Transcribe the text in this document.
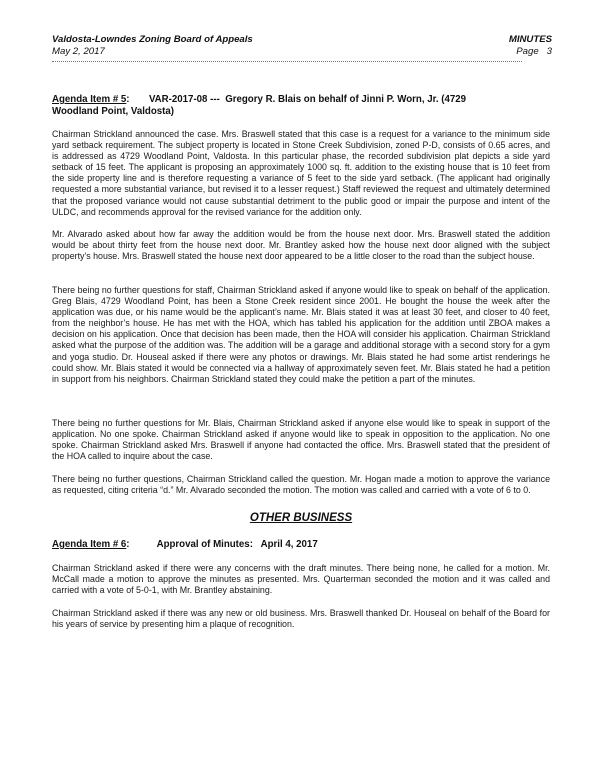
Valdosta-Lowndes Zoning Board of Appeals
May 2, 2017
MINUTES
Page   3
Agenda Item # 5: VAR-2017-08 ---  Gregory R. Blais on behalf of Jinni P. Worn, Jr. (4729
Woodland Point, Valdosta)

Chairman Strickland announced the case. Mrs. Braswell stated that this case is a request for a variance to the minimum side yard setback requirement. The subject property is located in Stone Creek Subdivision, zoned P-D, consists of 0.65 acres, and is addressed as 4729 Woodland Point, Valdosta. In this particular phase, the recorded subdivision plat depicts a side yard setback of 15 feet. The applicant is proposing an approximately 1000 sq. ft. addition to the existing house that is 10 feet from the side property line and is therefore requesting a variance of 5 feet to the side yard setback. (The applicant had originally requested a more substantial variance, but revised it to a lesser request.) Staff reviewed the request and ultimately determined that the proposed variance would not cause substantial detriment to the public good or impair the purpose and intent of the ULDC, and recommends approval for the revised variance for the addition only.

Mr. Alvarado asked about how far away the addition would be from the house next door. Mrs. Braswell stated the addition would be about thirty feet from the house next door. Mr. Brantley asked how the house next door aligned with the subject property’s house. Mrs. Braswell stated the house next door appeared to be a little closer to the road than the subject house.

There being no further questions for staff, Chairman Strickland asked if anyone would like to speak on behalf of the application. Greg Blais, 4729 Woodland Point, has been a Stone Creek resident since 2001. He bought the house the week after the application was due, or his name would be the applicant’s name. Mr. Blais stated it was at least 30 feet, and closer to 40 feet, from the neighbor’s house. He has met with the HOA, which has tabled his application for the addition until ZBOA makes a decision on his application. Once that decision has been made, then the HOA will consider his application. Chairman Strickland asked what the purpose of the addition was. The addition will be a garage and additional storage with a second story for a gym and yoga studio. Dr. Houseal asked if there were any photos or drawings. Mr. Blais stated he had some artist renderings he could show. Mr. Blais stated it would be connected via a hallway of approximately seven feet. Mr. Blais stated he had a petition in support from his neighbors. Chairman Strickland stated they could make the petition a part of the minutes.

There being no further questions for Mr. Blais, Chairman Strickland asked if anyone else would like to speak in support of the application. No one spoke. Chairman Strickland asked if anyone would like to speak in opposition to the application. No one spoke. Chairman Strickland asked Mrs. Braswell if anyone had contacted the office. Mrs. Braswell stated that the president of the HOA called to inquire about the case.

There being no further questions, Chairman Strickland called the question. Mr. Hogan made a motion to approve the variance as requested, citing criteria “d.” Mr. Alvarado seconded the motion. The motion was called and carried with a vote of 6 to 0.

OTHER BUSINESS
Agenda Item # 6:	Approval of Minutes:   April 4, 2017

Chairman Strickland asked if there were any concerns with the draft minutes. There being none, he called for a motion. Mr. McCall made a motion to approve the minutes as presented. Mrs. Quarterman seconded the motion and it was called and carried with a vote of 5-0-1, with Mr. Brantley abstaining.

Chairman Strickland asked if there was any new or old business. Mrs. Braswell thanked Dr. Houseal on behalf of the Board for his years of service by presenting him a plaque of recognition.
